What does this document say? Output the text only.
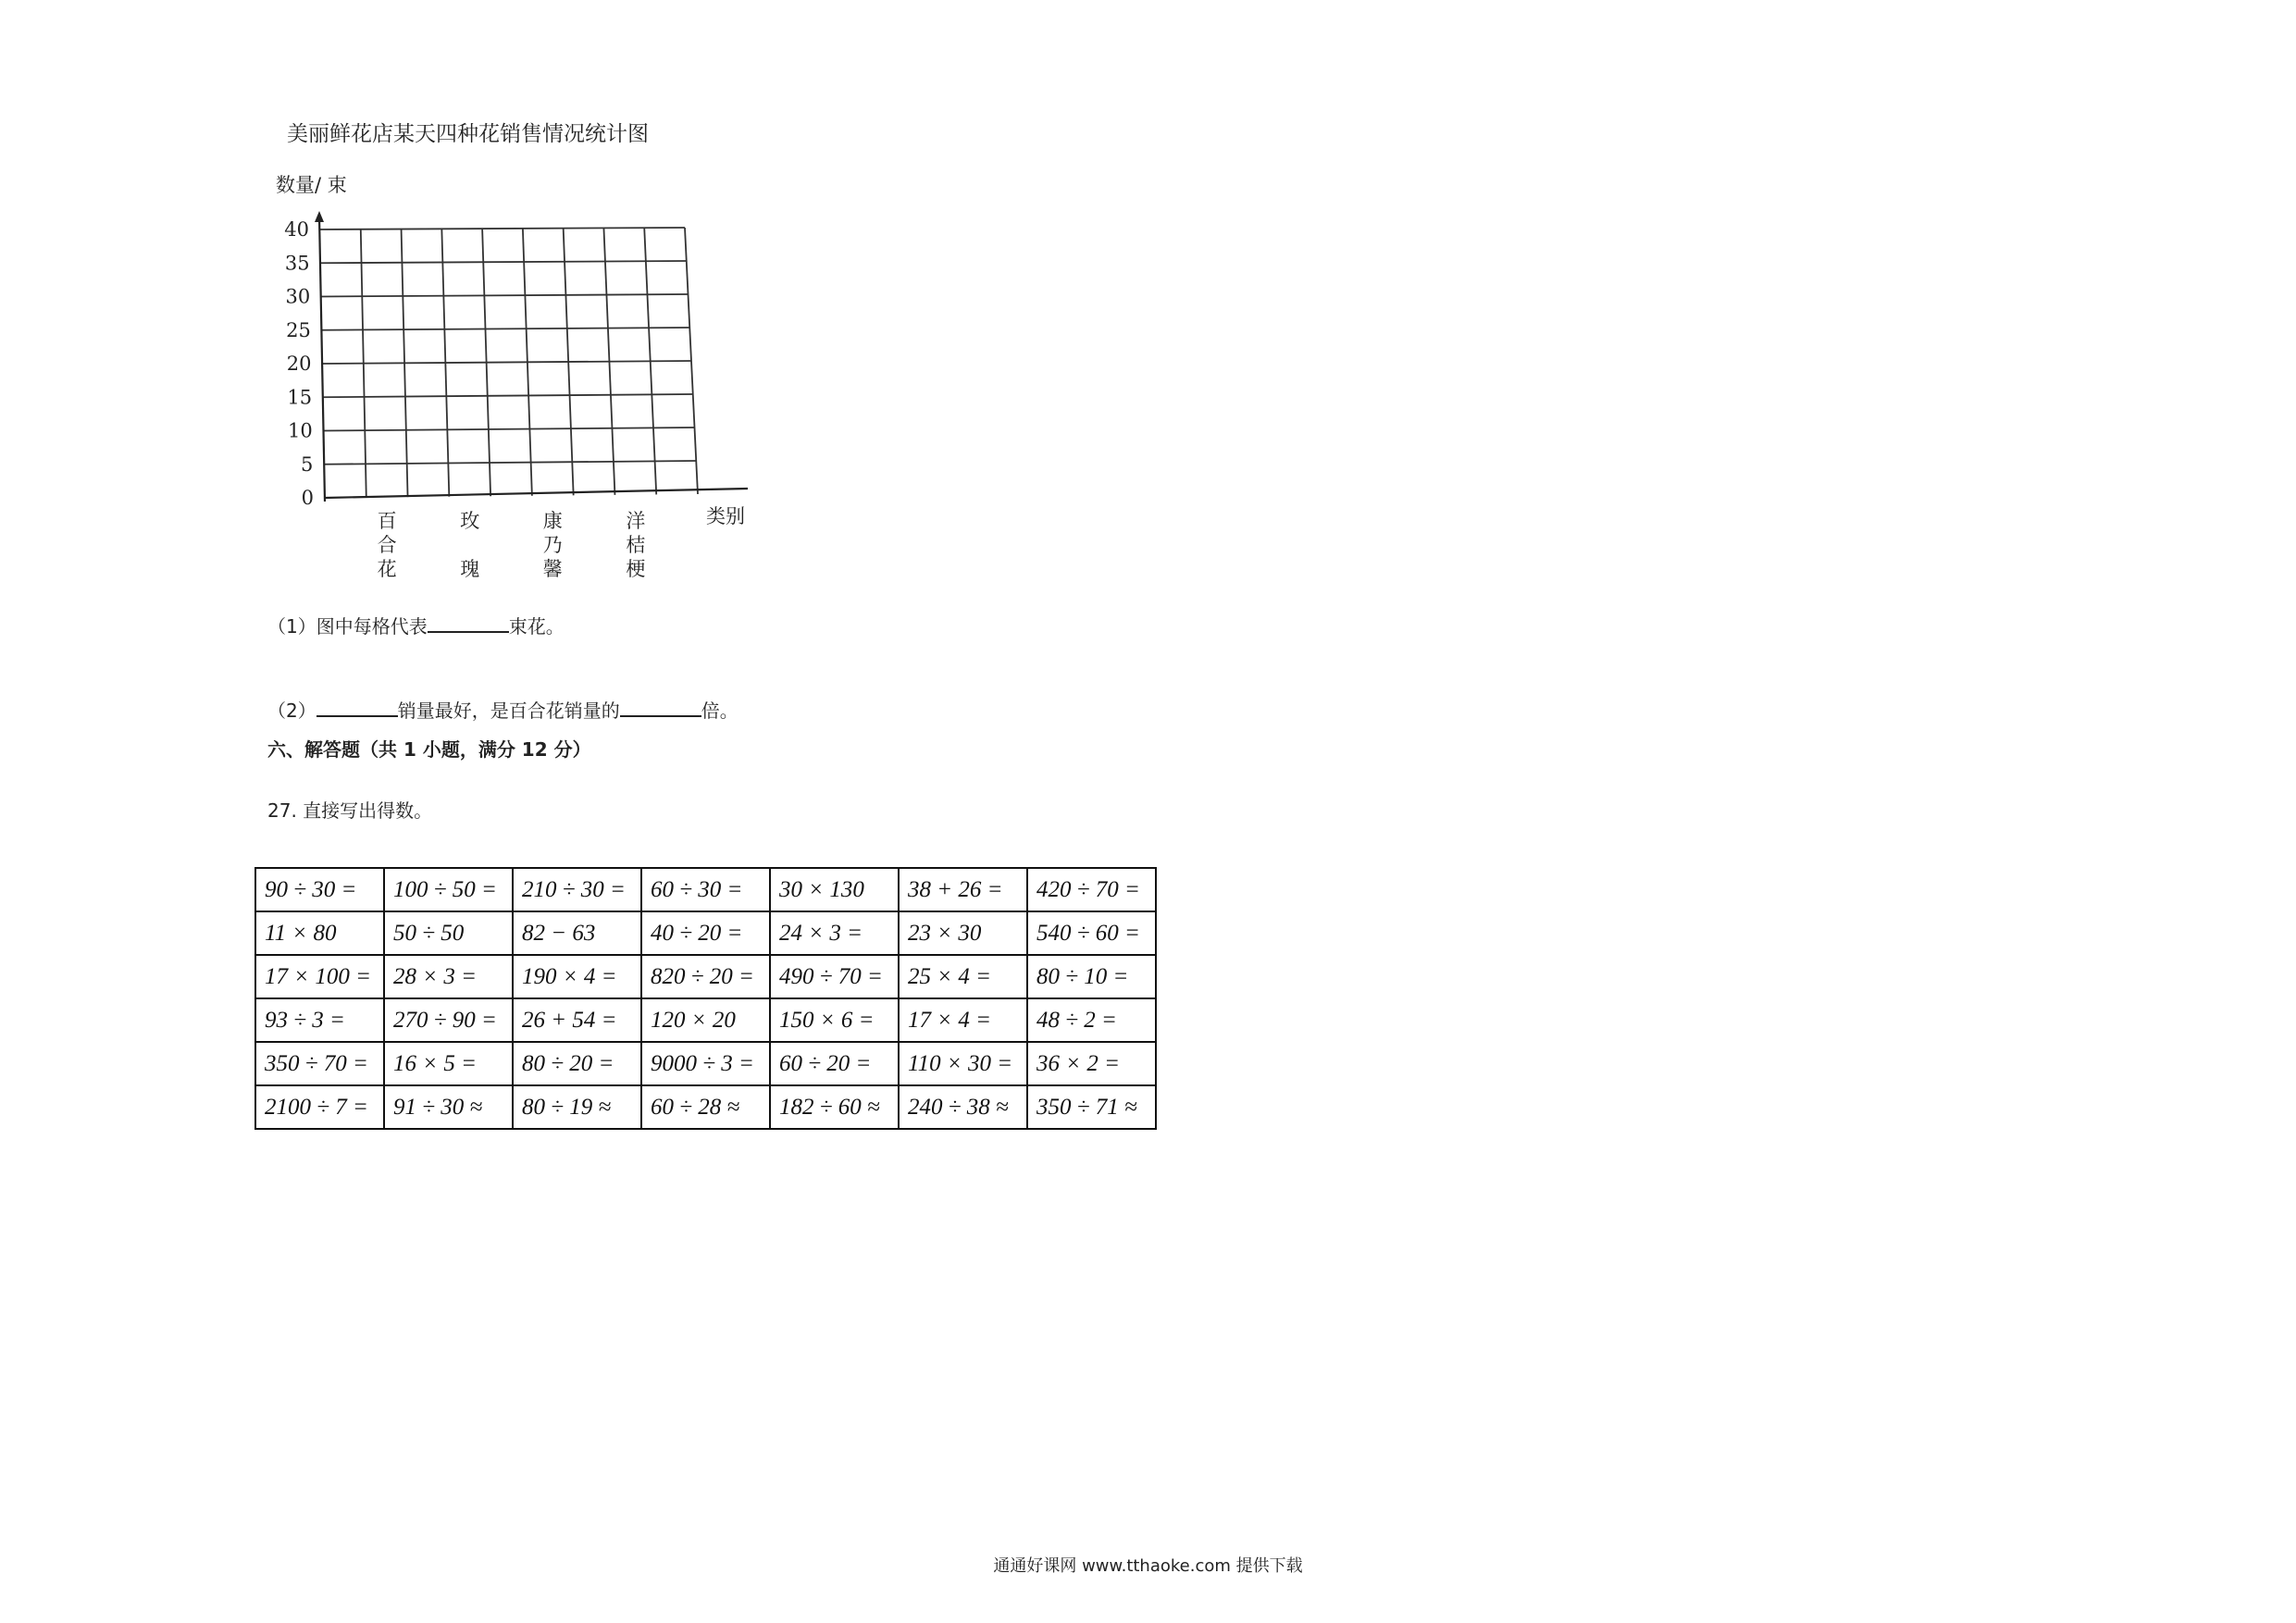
美丽鲜花店某天四种花销售情况统计图
数量/ 束
0
5
10
15
20
25
30
35
40
百
合
花
玫
瑰
康
乃
馨
洋
桔
梗
类别
（1）图中每格代表	束花。
（2）	销量最好，是百合花销量的	倍。
六、解答题（共 1 小题，满分 12 分）
27. 直接写出得数。
90 ÷ 30 =	100 ÷ 50 =	210 ÷ 30 =	60 ÷ 30 =	30 × 130	38 + 26 =	420 ÷ 70 =
11 × 80	50 ÷ 50	82 − 63	40 ÷ 20 =	24 × 3 =	23 × 30	540 ÷ 60 =
17 × 100 =	28 × 3 =	190 × 4 =	820 ÷ 20 =	490 ÷ 70 =	25 × 4 =	80 ÷ 10 =
93 ÷ 3 =	270 ÷ 90 =	26 + 54 =	120 × 20	150 × 6 =	17 × 4 =	48 ÷ 2 =
350 ÷ 70 =	16 × 5 =	80 ÷ 20 =	9000 ÷ 3 =	60 ÷ 20 =	110 × 30 =	36 × 2 =
2100 ÷ 7 =	91 ÷ 30 ≈	80 ÷ 19 ≈	60 ÷ 28 ≈	182 ÷ 60 ≈	240 ÷ 38 ≈	350 ÷ 71 ≈
通通好课网 www.tthaoke.com 提供下载
